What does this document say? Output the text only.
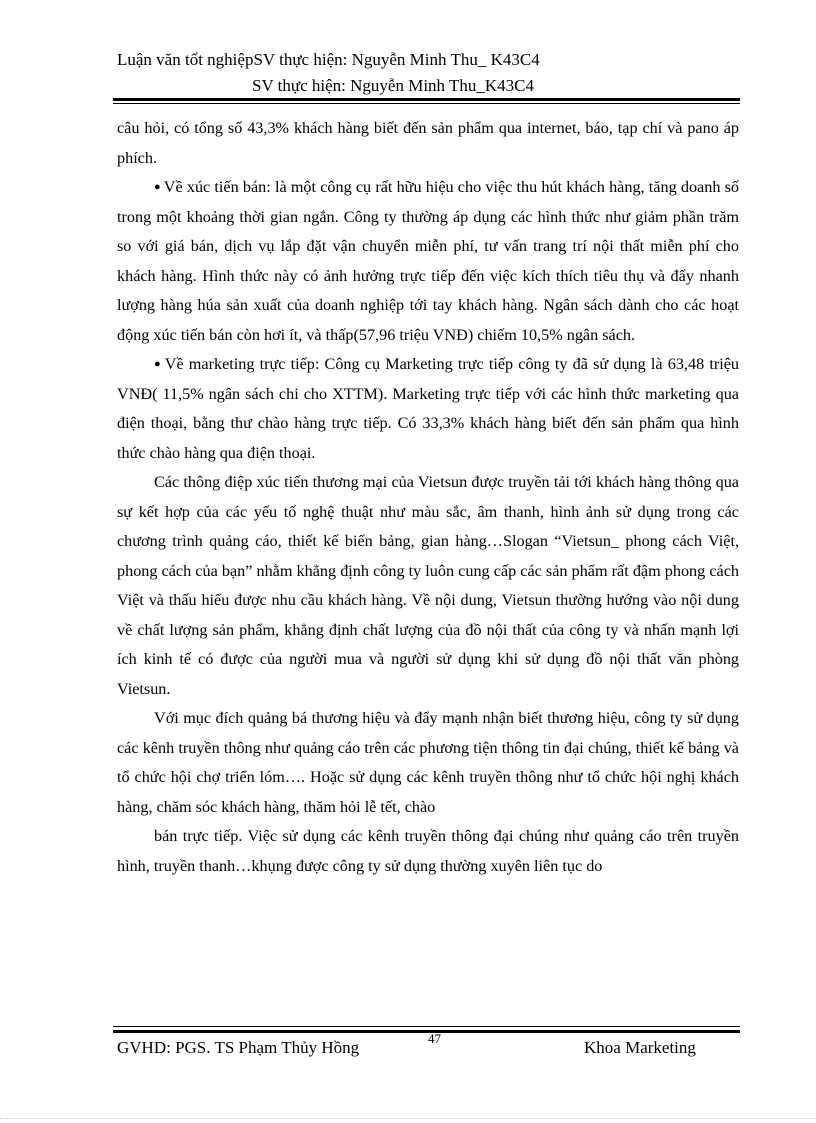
Luận văn tốt nghiệpSV thực hiện: Nguyễn Minh Thu_ K43C4
SV thực hiện: Nguyễn Minh Thu_K43C4

câu hỏi, có tổng số 43,3% khách hàng biết đến sản phẩm qua internet, báo, tạp chí và pano áp phích.

● Về xúc tiến bán: là một công cụ rất hữu hiệu cho việc thu hút khách hàng, tăng doanh số trong một khoảng thời gian ngắn. Công ty thường áp dụng các hình thức như giảm phần trăm so với giá bán, dịch vụ lắp đặt vận chuyển miễn phí, tư vấn trang trí nội thất miễn phí cho khách hàng. Hình thức này có ảnh hưởng trực tiếp đến việc kích thích tiêu thụ và đẩy nhanh lượng hàng húa sản xuất của doanh nghiệp tới tay khách hàng. Ngân sách dành cho các hoạt động xúc tiến bán còn hơi ít, và thấp(57,96 triệu VNĐ) chiếm 10,5% ngân sách.

● Về marketing trực tiếp: Công cụ Marketing trực tiếp công ty đã sử dụng là 63,48 triệu VNĐ( 11,5% ngân sách chi cho XTTM). Marketing trực tiếp với các hình thức marketing qua điện thoại, bằng thư chào hàng trực tiếp. Có 33,3% khách hàng biết đến sản phẩm qua hình thức chào hàng qua điện thoại.

Các thông điệp xúc tiến thương mại của Vietsun được truyền tải tới khách hàng thông qua sự kết hợp của các yếu tố nghệ thuật như màu sắc, âm thanh, hình ảnh sử dụng trong các chương trình quảng cáo, thiết kế biển bảng, gian hàng…Slogan “Vietsun_ phong cách Việt, phong cách của bạn” nhằm khẳng định công ty luôn cung cấp các sản phẩm rất đậm phong cách Việt và thấu hiểu được nhu cầu khách hàng. Về nội dung, Vietsun thường hướng vào nội dung về chất lượng sản phẩm, khẳng định chất lượng của đồ nội thất của công ty và nhấn mạnh lợi ích kinh tế có được của người mua và người sử dụng khi sử dụng đồ nội thất văn phòng Vietsun.

Với mục đích quảng bá thương hiệu và đẩy mạnh nhận biết thương hiệu, công ty sử dụng các kênh truyền thông như quảng cáo trên các phương tiện thông tin đại chúng, thiết kế bảng và tổ chức hội chợ triển lóm…. Hoặc sử dụng các kênh truyền thông như tổ chức hội nghị khách hàng, chăm sóc khách hàng, thăm hỏi lễ tết, chào

bán trực tiếp. Việc sử dụng các kênh truyền thông đại chúng như quảng cáo trên truyền hình, truyền thanh…khụng được công ty sử dụng thường xuyên liên tục do

GVHD: PGS. TS Phạm Thủy Hồng	47	Khoa Marketing
